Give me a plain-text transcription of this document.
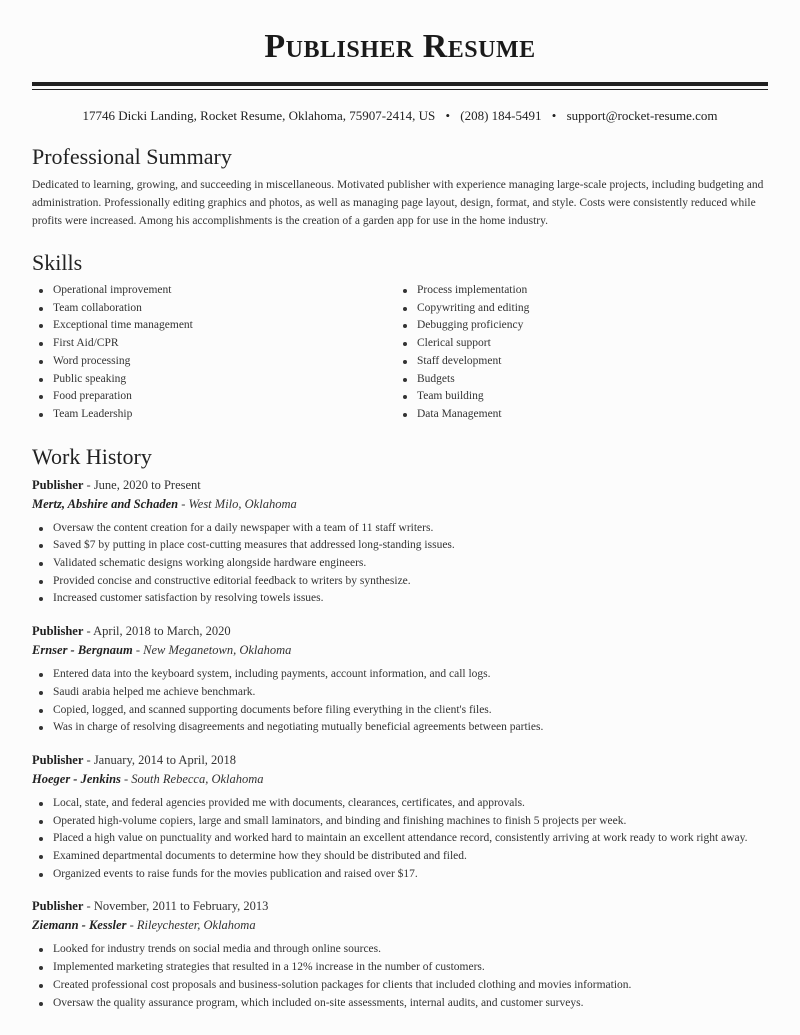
Publisher Resume
17746 Dicki Landing, Rocket Resume, Oklahoma, 75907-2414, US • (208) 184-5491 • support@rocket-resume.com
Professional Summary

Dedicated to learning, growing, and succeeding in miscellaneous. Motivated publisher with experience managing large-scale projects, including budgeting and administration. Professionally editing graphics and photos, as well as managing page layout, design, format, and style. Costs were consistently reduced while profits were increased. Among his accomplishments is the creation of a garden app for use in the home industry.

Skills
Operational improvement
Team collaboration
Exceptional time management
First Aid/CPR
Word processing
Public speaking
Food preparation
Team Leadership
Process implementation
Copywriting and editing
Debugging proficiency
Clerical support
Staff development
Budgets
Team building
Data Management
Work History
Publisher - June, 2020 to Present
Mertz, Abshire and Schaden - West Milo, Oklahoma
Oversaw the content creation for a daily newspaper with a team of 11 staff writers.
Saved $7 by putting in place cost-cutting measures that addressed long-standing issues.
Validated schematic designs working alongside hardware engineers.
Provided concise and constructive editorial feedback to writers by synthesize.
Increased customer satisfaction by resolving towels issues.
Publisher - April, 2018 to March, 2020
Ernser - Bergnaum - New Meganetown, Oklahoma
Entered data into the keyboard system, including payments, account information, and call logs.
Saudi arabia helped me achieve benchmark.
Copied, logged, and scanned supporting documents before filing everything in the client's files.
Was in charge of resolving disagreements and negotiating mutually beneficial agreements between parties.
Publisher - January, 2014 to April, 2018
Hoeger - Jenkins - South Rebecca, Oklahoma
Local, state, and federal agencies provided me with documents, clearances, certificates, and approvals.
Operated high-volume copiers, large and small laminators, and binding and finishing machines to finish 5 projects per week.
Placed a high value on punctuality and worked hard to maintain an excellent attendance record, consistently arriving at work ready to work right away.
Examined departmental documents to determine how they should be distributed and filed.
Organized events to raise funds for the movies publication and raised over $17.
Publisher - November, 2011 to February, 2013
Ziemann - Kessler - Rileychester, Oklahoma
Looked for industry trends on social media and through online sources.
Implemented marketing strategies that resulted in a 12% increase in the number of customers.
Created professional cost proposals and business-solution packages for clients that included clothing and movies information.
Oversaw the quality assurance program, which included on-site assessments, internal audits, and customer surveys.
